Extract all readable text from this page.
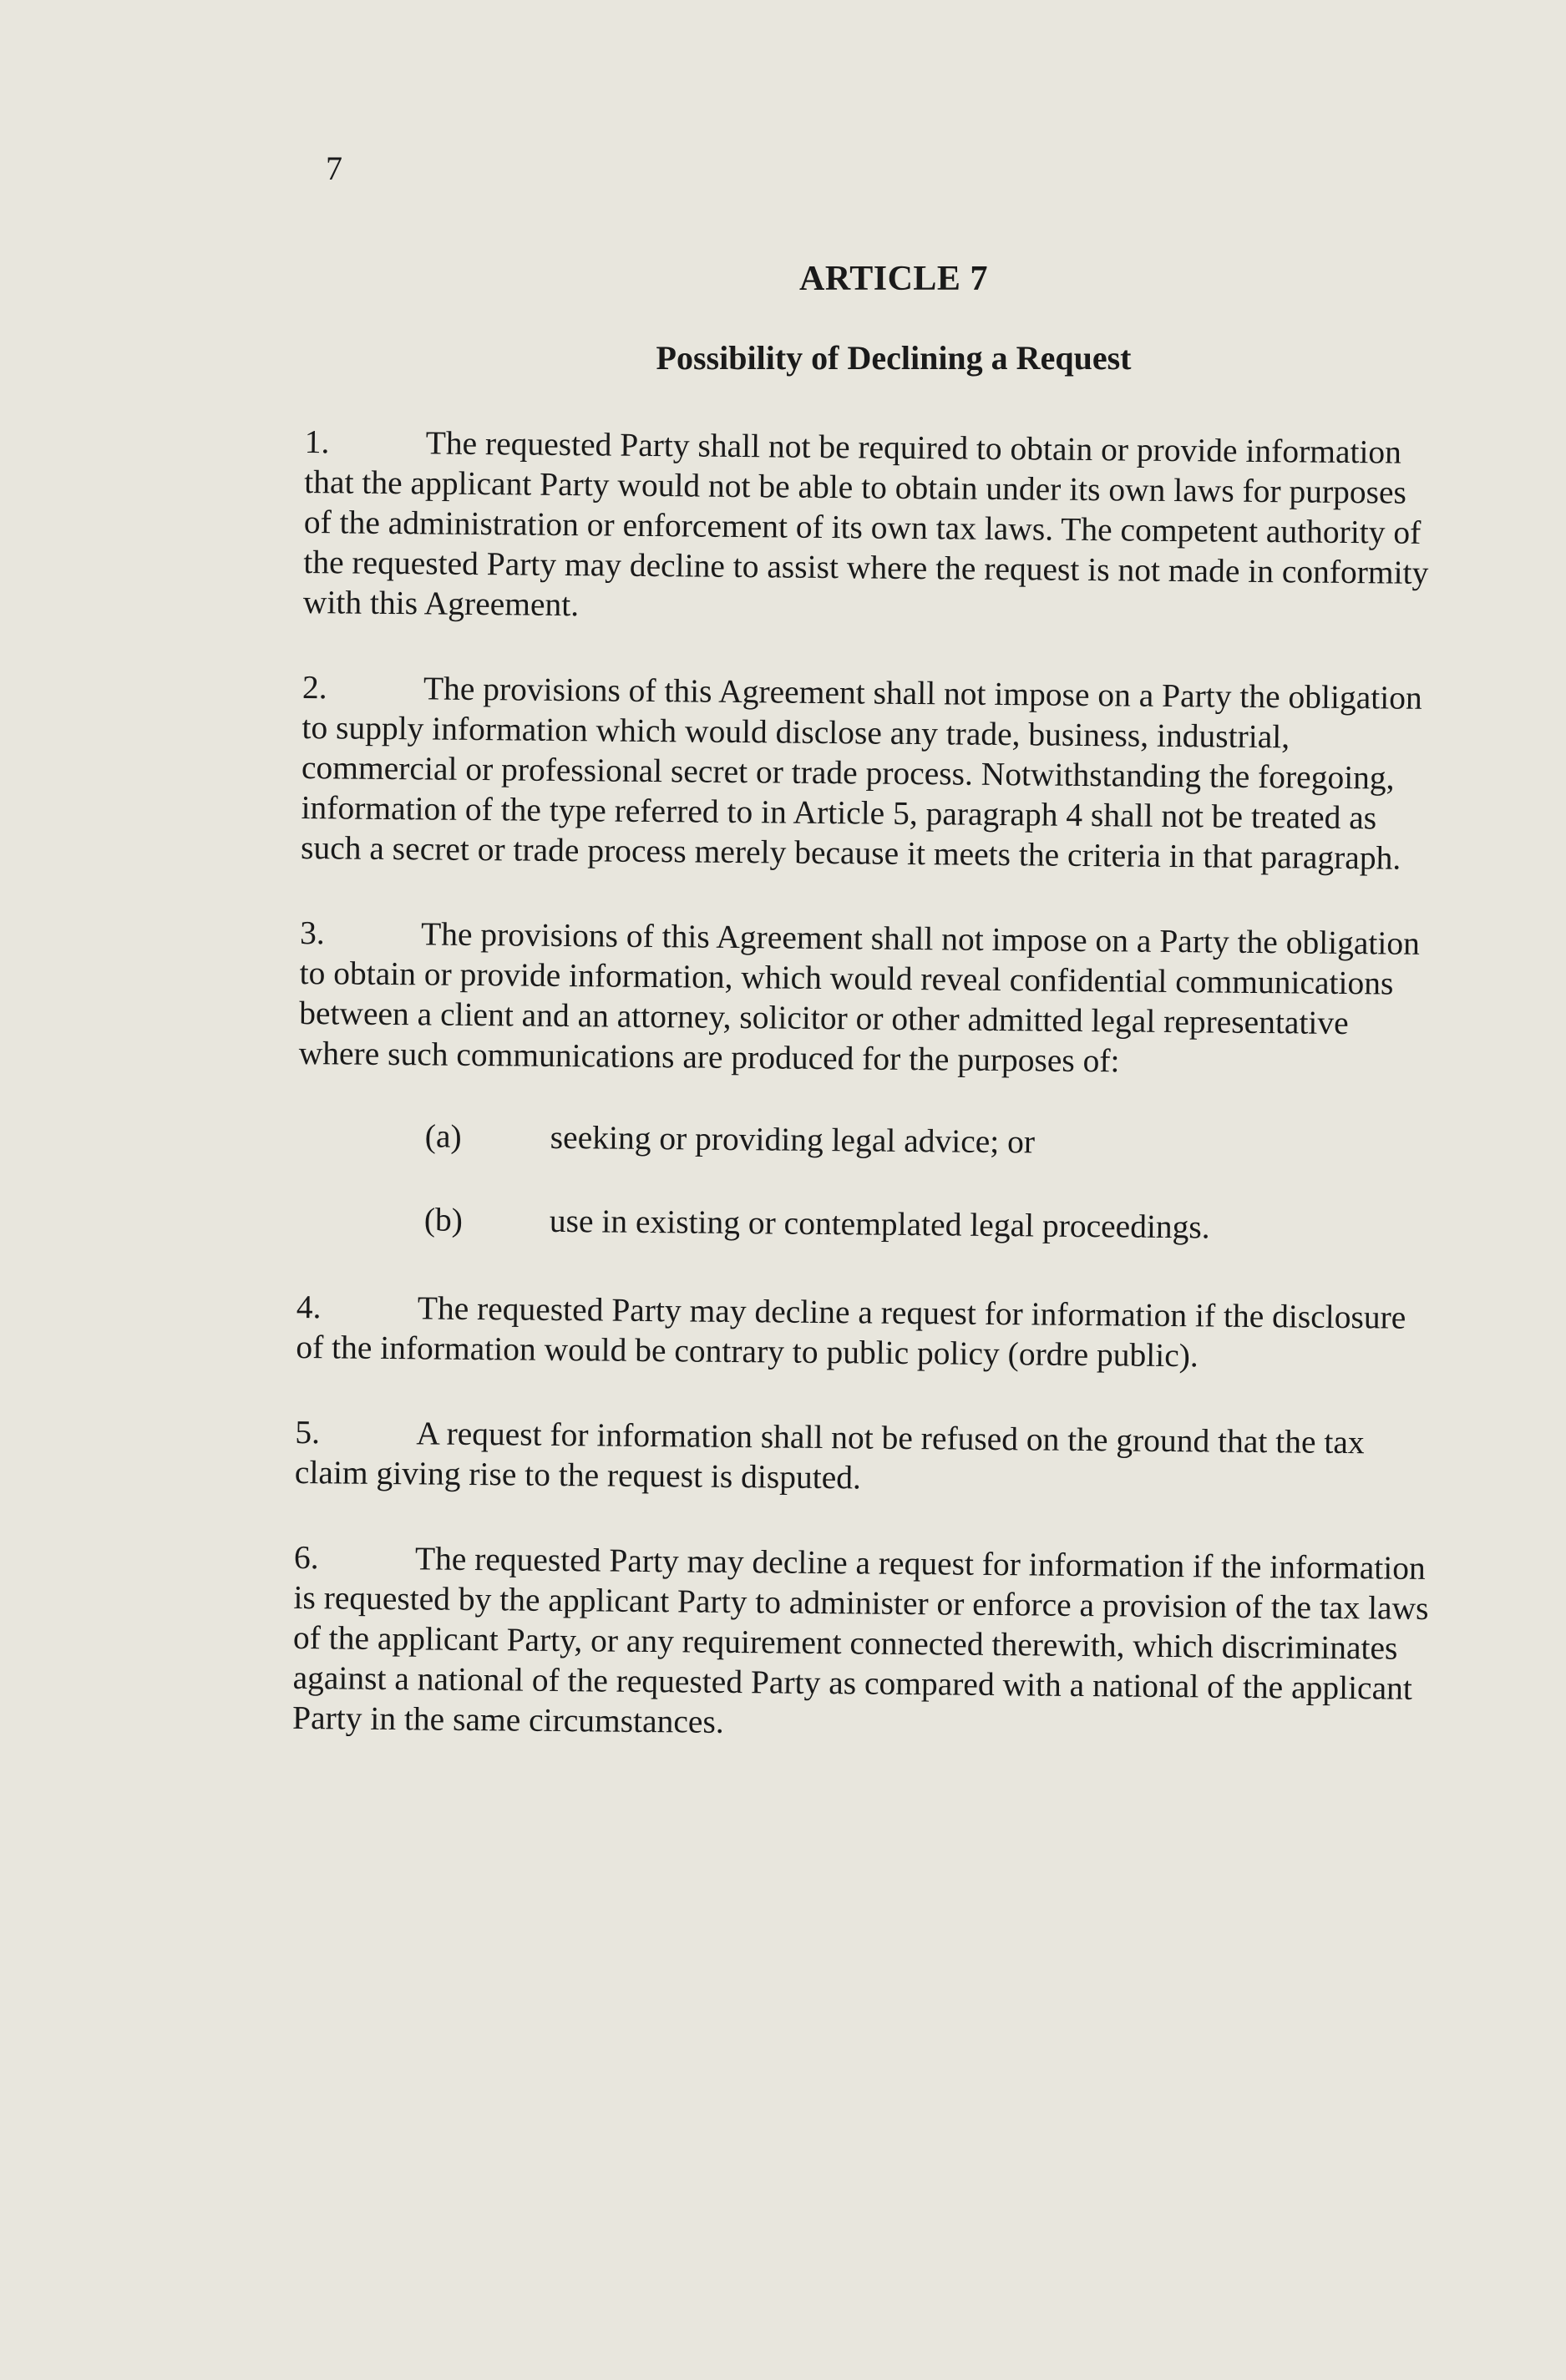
7
ARTICLE 7
Possibility of Declining a Request

1.	The requested Party shall not be required to obtain or provide information that the applicant Party would not be able to obtain under its own laws for purposes of the administration or enforcement of its own tax laws. The competent authority of the requested Party may decline to assist where the request is not made in conformity with this Agreement.

2.	The provisions of this Agreement shall not impose on a Party the obligation to supply information which would disclose any trade, business, industrial, commercial or professional secret or trade process. Notwithstanding the foregoing, information of the type referred to in Article 5, paragraph 4 shall not be treated as such a secret or trade process merely because it meets the criteria in that paragraph.

3.	The provisions of this Agreement shall not impose on a Party the obligation to obtain or provide information, which would reveal confidential communications between a client and an attorney, solicitor or other admitted legal representative where such communications are produced for the purposes of:

(a)	seeking or providing legal advice; or

(b)	use in existing or contemplated legal proceedings.

4.	The requested Party may decline a request for information if the disclosure of the information would be contrary to public policy (ordre public).

5.	A request for information shall not be refused on the ground that the tax claim giving rise to the request is disputed.

6.	The requested Party may decline a request for information if the information is requested by the applicant Party to administer or enforce a provision of the tax laws of the applicant Party, or any requirement connected therewith, which discriminates against a national of the requested Party as compared with a national of the applicant Party in the same circumstances.
